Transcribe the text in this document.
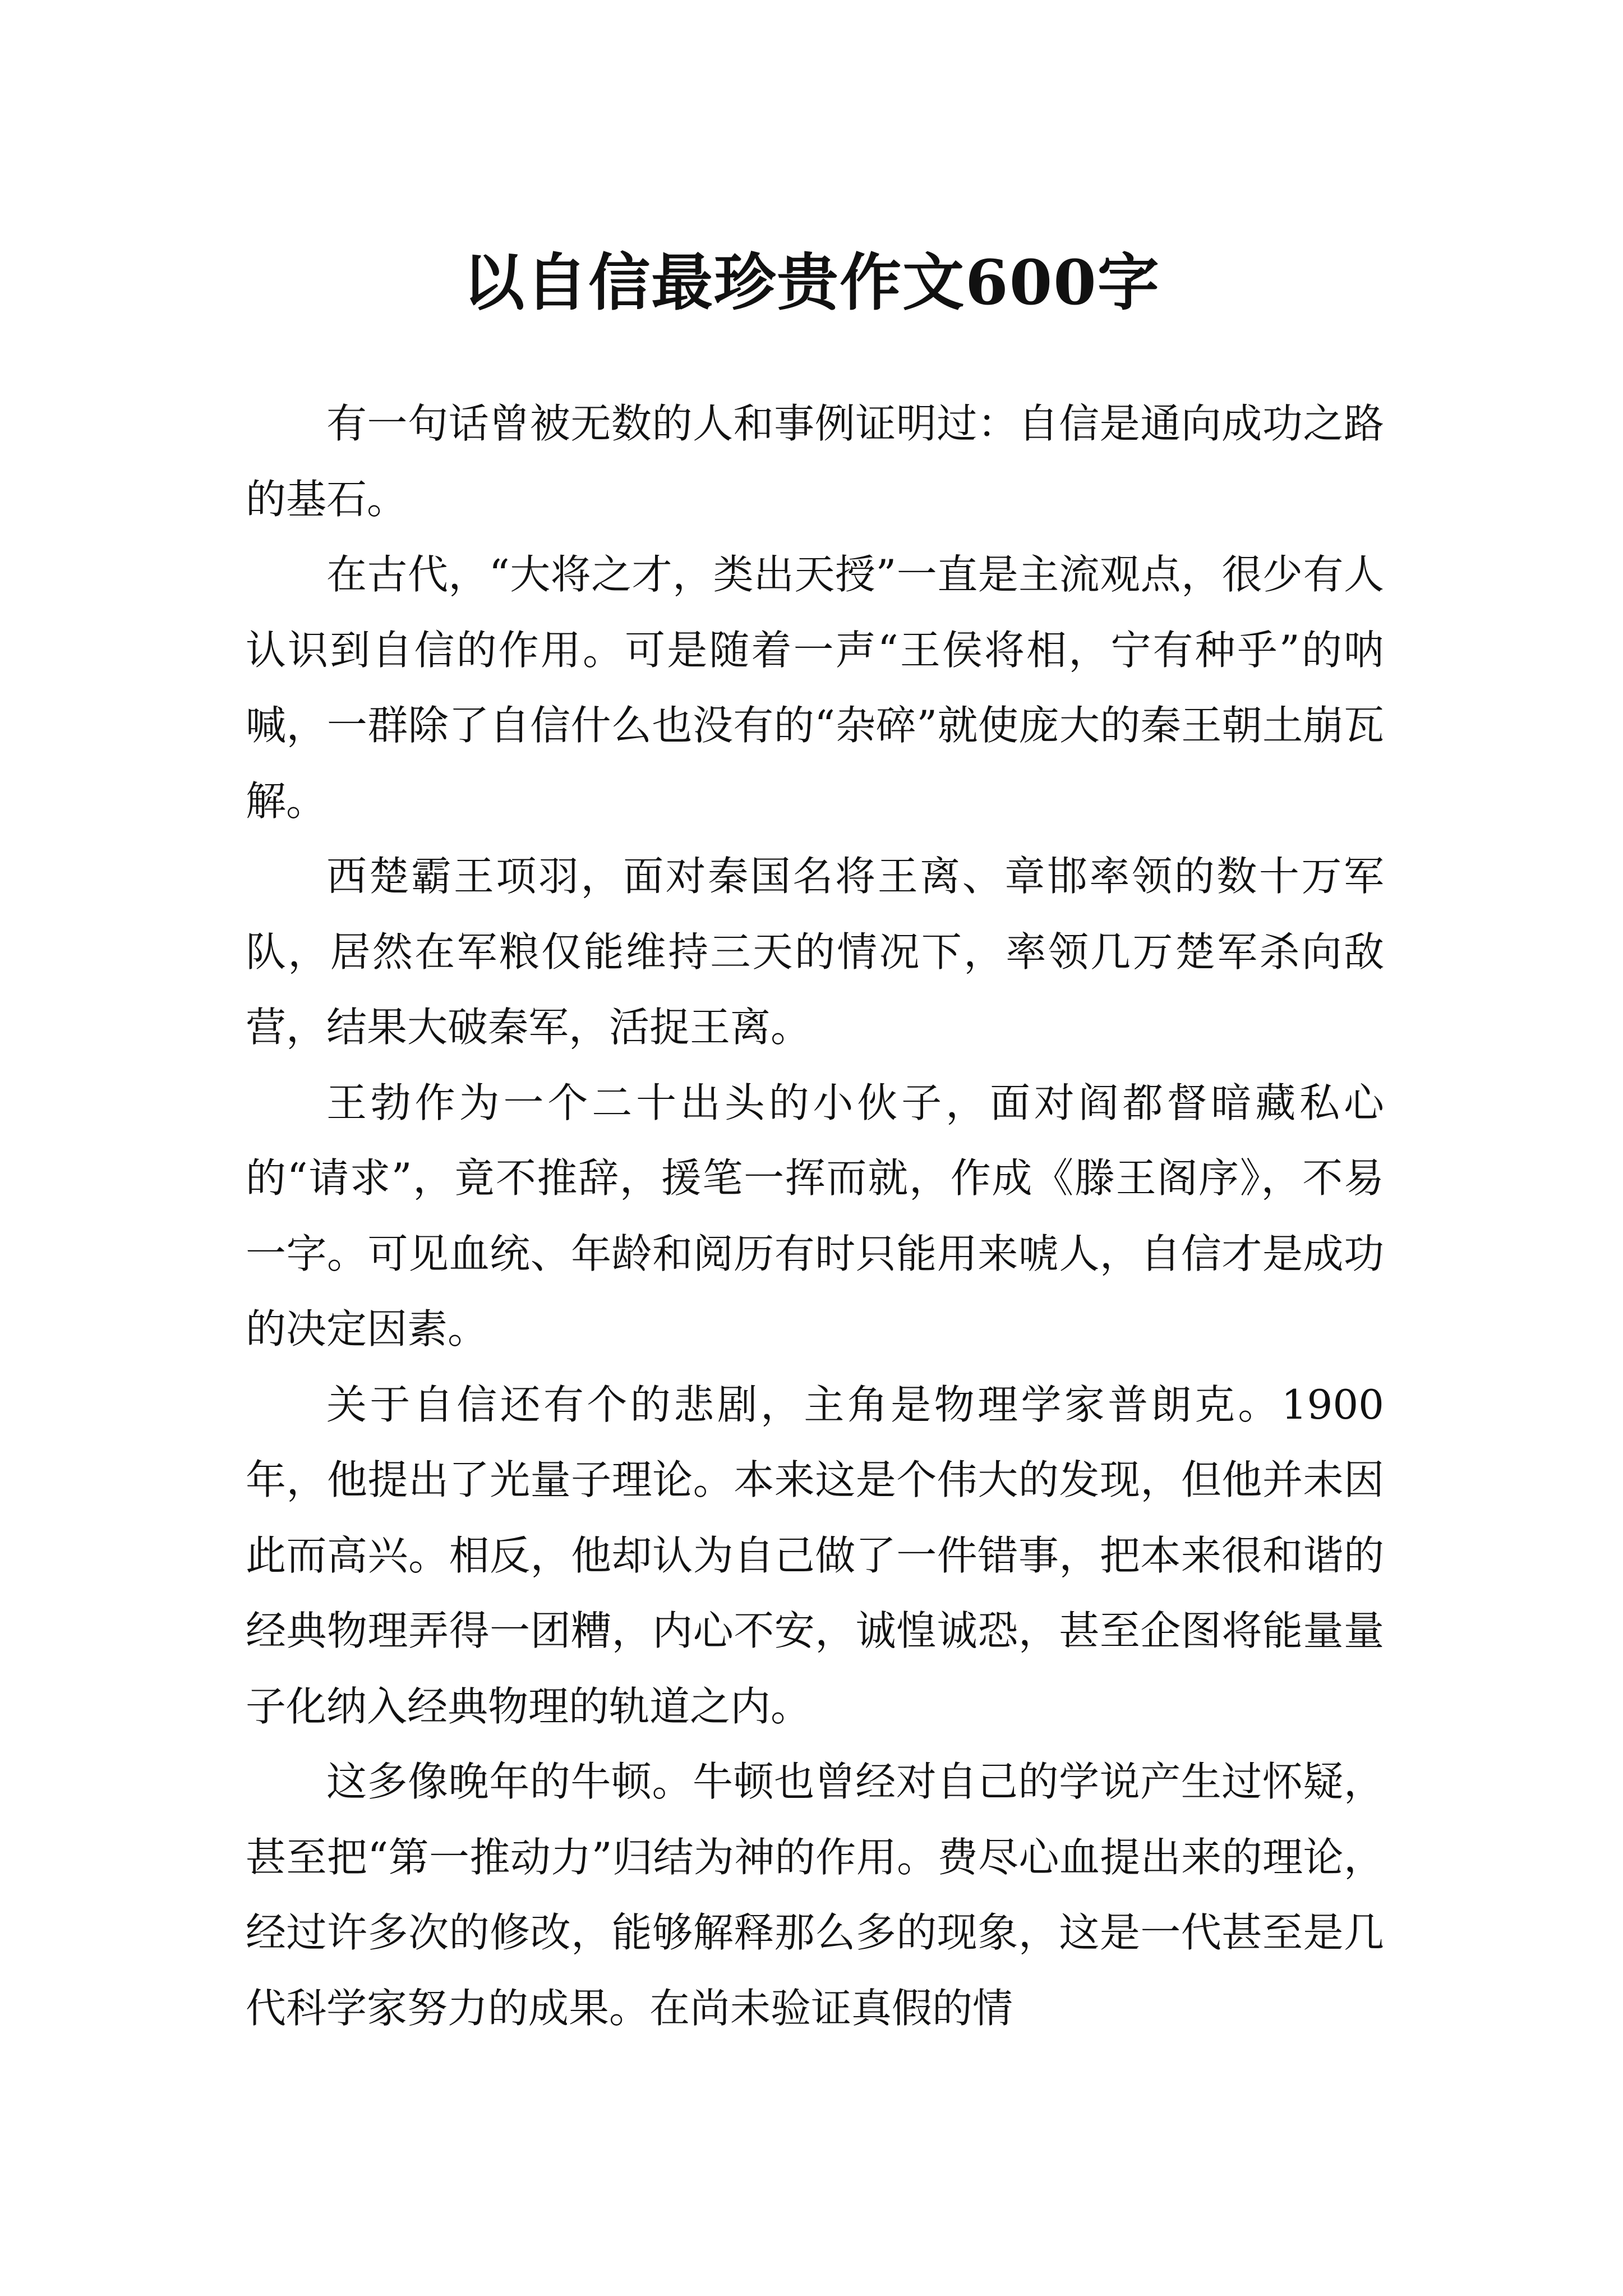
以自信最珍贵作文600字

有一句话曾被无数的人和事例证明过：自信是通向成功之路的基石。

在古代，“大将之才，类出天授”一直是主流观点，很少有人认识到自信的作用。可是随着一声“王侯将相，宁有种乎”的呐喊，一群除了自信什么也没有的“杂碎”就使庞大的秦王朝土崩瓦解。

西楚霸王项羽，面对秦国名将王离、章邯率领的数十万军队，居然在军粮仅能维持三天的情况下，率领几万楚军杀向敌营，结果大破秦军，活捉王离。

王勃作为一个二十出头的小伙子，面对阎都督暗藏私心的“请求”，竟不推辞，援笔一挥而就，作成《滕王阁序》，不易一字。可见血统、年龄和阅历有时只能用来唬人，自信才是成功的决定因素。

关于自信还有个的悲剧，主角是物理学家普朗克。1900年，他提出了光量子理论。本来这是个伟大的发现，但他并未因此而高兴。相反，他却认为自己做了一件错事，把本来很和谐的经典物理弄得一团糟，内心不安，诚惶诚恐，甚至企图将能量量子化纳入经典物理的轨道之内。

这多像晚年的牛顿。牛顿也曾经对自己的学说产生过怀疑，甚至把“第一推动力”归结为神的作用。费尽心血提出来的理论，经过许多次的修改，能够解释那么多的现象，这是一代甚至是几代科学家努力的成果。在尚未验证真假的情
